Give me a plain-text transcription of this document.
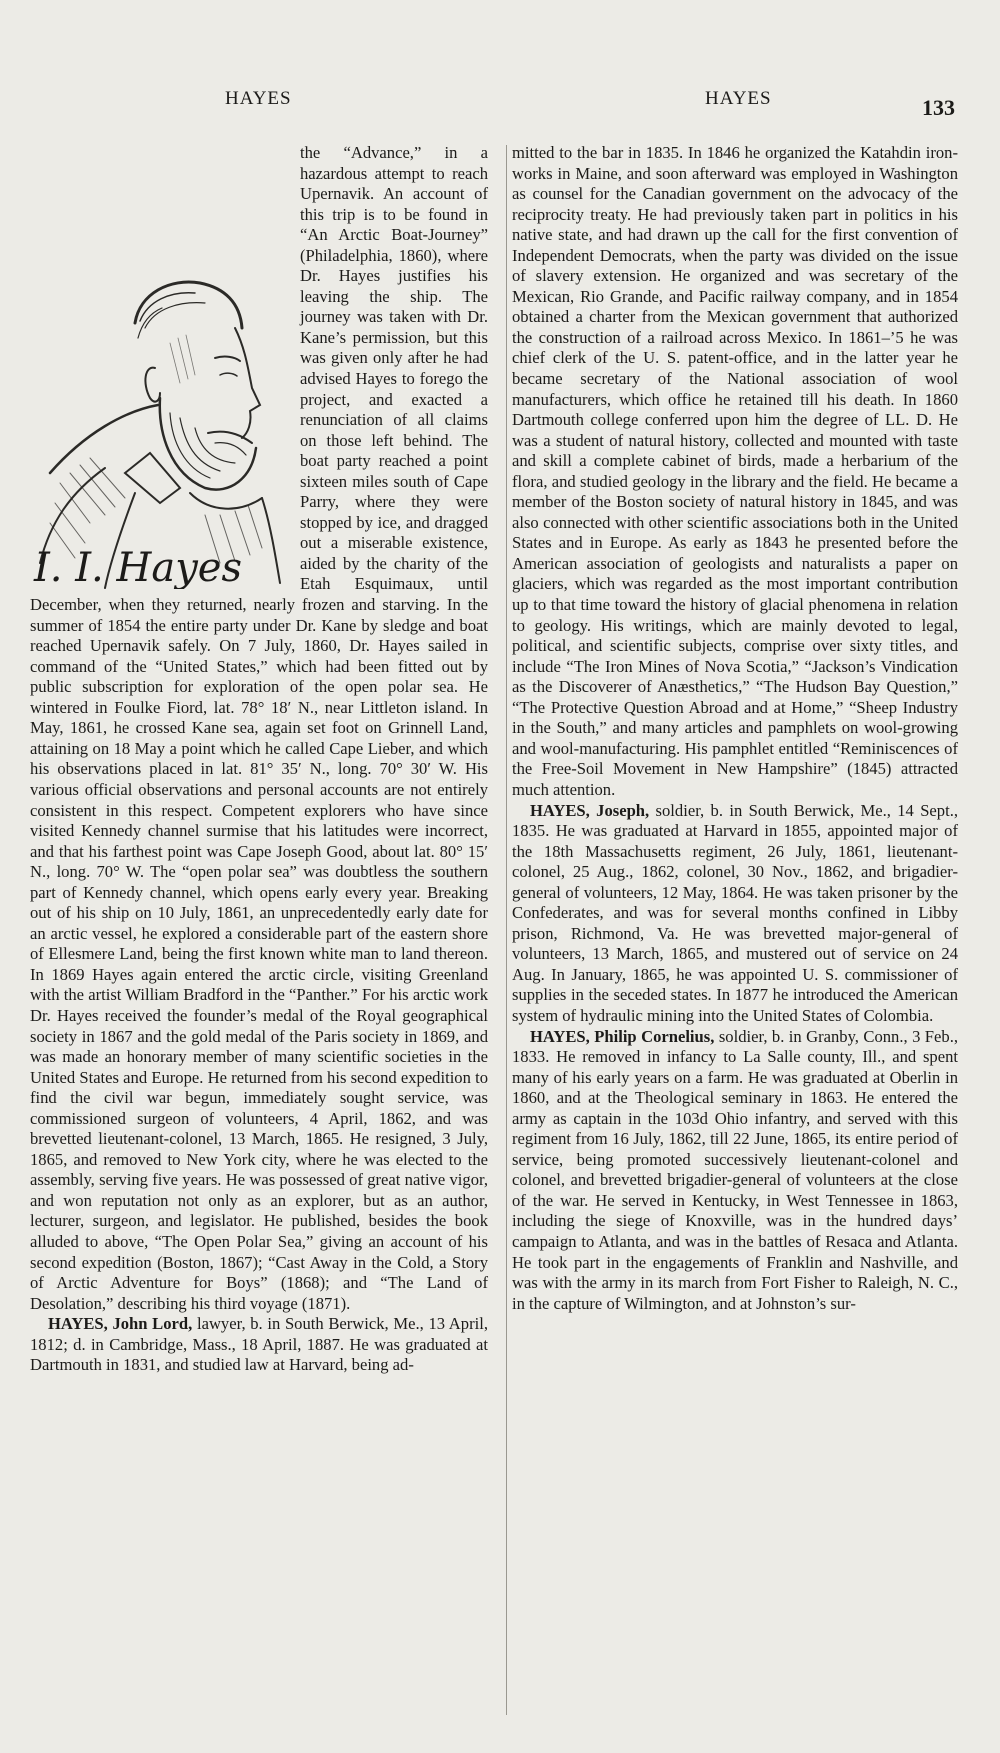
HAYES	HAYES	133
I. I. Hayes

the “Advance,” in a hazardous attempt to reach Upernavik. An account of this trip is to be found in “An Arctic Boat-Journey” (Philadelphia, 1860), where Dr. Hayes justifies his leaving the ship. The journey was taken with Dr. Kane’s permission, but this was given only after he had advised Hayes to forego the project, and exacted a renunciation of all claims on those left behind. The boat party reached a point sixteen miles south of Cape Parry, where they were stopped by ice, and dragged out a miserable existence, aided by the charity of the Etah Esquimaux, until December, when they returned, nearly frozen and starving. In the summer of 1854 the entire party under Dr. Kane by sledge and boat reached Upernavik safely. On 7 July, 1860, Dr. Hayes sailed in command of the “United States,” which had been fitted out by public subscription for exploration of the open polar sea. He wintered in Foulke Fiord, lat. 78° 18′ N., near Littleton island. In May, 1861, he crossed Kane sea, again set foot on Grinnell Land, attaining on 18 May a point which he called Cape Lieber, and which his observations placed in lat. 81° 35′ N., long. 70° 30′ W. His various official observations and personal accounts are not entirely consistent in this respect. Competent explorers who have since visited Kennedy channel surmise that his latitudes were incorrect, and that his farthest point was Cape Joseph Good, about lat. 80° 15′ N., long. 70° W. The “open polar sea” was doubtless the southern part of Kennedy channel, which opens early every year. Breaking out of his ship on 10 July, 1861, an unprecedentedly early date for an arctic vessel, he explored a considerable part of the eastern shore of Ellesmere Land, being the first known white man to land thereon. In 1869 Hayes again entered the arctic circle, visiting Greenland with the artist William Bradford in the “Panther.” For his arctic work Dr. Hayes received the founder’s medal of the Royal geographical society in 1867 and the gold medal of the Paris society in 1869, and was made an honorary member of many scientific societies in the United States and Europe. He returned from his second expedition to find the civil war begun, immediately sought service, was commissioned surgeon of volunteers, 4 April, 1862, and was brevetted lieutenant-colonel, 13 March, 1865. He resigned, 3 July, 1865, and removed to New York city, where he was elected to the assembly, serving five years. He was possessed of great native vigor, and won reputation not only as an explorer, but as an author, lecturer, surgeon, and legislator. He published, besides the book alluded to above, “The Open Polar Sea,” giving an account of his second expedition (Boston, 1867); “Cast Away in the Cold, a Story of Arctic Adventure for Boys” (1868); and “The Land of Desolation,” describing his third voyage (1871).

HAYES, John Lord, lawyer, b. in South Berwick, Me., 13 April, 1812; d. in Cambridge, Mass., 18 April, 1887. He was graduated at Dartmouth in 1831, and studied law at Harvard, being ad-

mitted to the bar in 1835. In 1846 he organized the Katahdin iron-works in Maine, and soon afterward was employed in Washington as counsel for the Canadian government on the advocacy of the reciprocity treaty. He had previously taken part in politics in his native state, and had drawn up the call for the first convention of Independent Democrats, when the party was divided on the issue of slavery extension. He organized and was secretary of the Mexican, Rio Grande, and Pacific railway company, and in 1854 obtained a charter from the Mexican government that authorized the construction of a railroad across Mexico. In 1861–’5 he was chief clerk of the U. S. patent-office, and in the latter year he became secretary of the National association of wool manufacturers, which office he retained till his death. In 1860 Dartmouth college conferred upon him the degree of LL. D. He was a student of natural history, collected and mounted with taste and skill a complete cabinet of birds, made a herbarium of the flora, and studied geology in the library and the field. He became a member of the Boston society of natural history in 1845, and was also connected with other scientific associations both in the United States and in Europe. As early as 1843 he presented before the American association of geologists and naturalists a paper on glaciers, which was regarded as the most important contribution up to that time toward the history of glacial phenomena in relation to geology. His writings, which are mainly devoted to legal, political, and scientific subjects, comprise over sixty titles, and include “The Iron Mines of Nova Scotia,” “Jackson’s Vindication as the Discoverer of Anæsthetics,” “The Hudson Bay Question,” “The Protective Question Abroad and at Home,” “Sheep Industry in the South,” and many articles and pamphlets on wool-growing and wool-manufacturing. His pamphlet entitled “Reminiscences of the Free-Soil Movement in New Hampshire” (1845) attracted much attention.

HAYES, Joseph, soldier, b. in South Berwick, Me., 14 Sept., 1835. He was graduated at Harvard in 1855, appointed major of the 18th Massachusetts regiment, 26 July, 1861, lieutenant-colonel, 25 Aug., 1862, colonel, 30 Nov., 1862, and brigadier-general of volunteers, 12 May, 1864. He was taken prisoner by the Confederates, and was for several months confined in Libby prison, Richmond, Va. He was brevetted major-general of volunteers, 13 March, 1865, and mustered out of service on 24 Aug. In January, 1865, he was appointed U. S. commissioner of supplies in the seceded states. In 1877 he introduced the American system of hydraulic mining into the United States of Colombia.

HAYES, Philip Cornelius, soldier, b. in Granby, Conn., 3 Feb., 1833. He removed in infancy to La Salle county, Ill., and spent many of his early years on a farm. He was graduated at Oberlin in 1860, and at the Theological seminary in 1863. He entered the army as captain in the 103d Ohio infantry, and served with this regiment from 16 July, 1862, till 22 June, 1865, its entire period of service, being promoted successively lieutenant-colonel and colonel, and brevetted brigadier-general of volunteers at the close of the war. He served in Kentucky, in West Tennessee in 1863, including the siege of Knoxville, was in the hundred days’ campaign to Atlanta, and was in the battles of Resaca and Atlanta. He took part in the engagements of Franklin and Nashville, and was with the army in its march from Fort Fisher to Raleigh, N. C., in the capture of Wilmington, and at Johnston’s sur-
